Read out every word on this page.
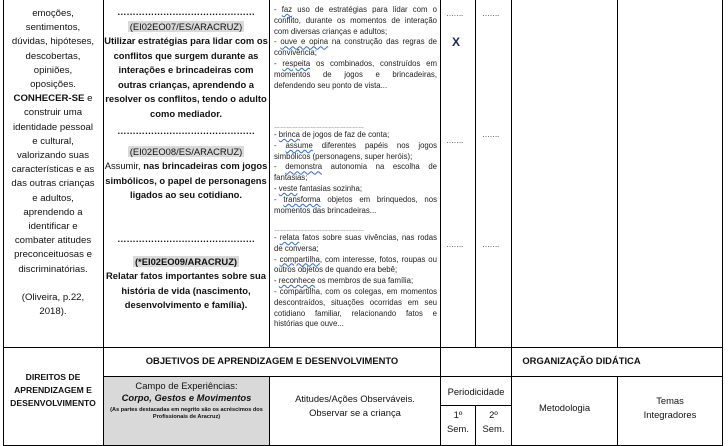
emoções,

sentimentos,

dúvidas, hipóteses,

descobertas,

opiniões,

oposições.

CONHECER-SE e

construir uma

identidade pessoal

e cultural,

valorizando suas

características e as

das outras crianças

e adultos,

aprendendo a

identificar e

combater atitudes

preconceituosas e

discriminatórias.

(Oliveira, p.22,

2018).

………………………………………
(EI02EO07/ES/ARACRUZ)
Utilizar estratégias para lidar com os conflitos que surgem durante as interações e brincadeiras com outras crianças, aprendendo a resolver os conflitos, tendo o adulto como mediador.
………………………………………
(EI02EO08/ES/ARACRUZ)
Assumir, nas brincadeiras com jogos simbólicos, o papel de personagens ligados ao seu cotidiano.
………………………………………
(*EI02EO09/ARACRUZ)
Relatar fatos importantes sobre sua história de vida (nascimento, desenvolvimento e família).
- faz uso de estratégias para lidar com o conflito, durante os momentos de interação com diversas crianças e adultos;
- ouve e opina na construção das regras de convivência;
- respeita os combinados, construídos em momentos de jogos e brincadeiras, defendendo seu ponto de vista...
………………………………………
- brinca de jogos de faz de conta;
- assume diferentes papéis nos jogos simbólicos (personagens, super heróis);
- demonstra autonomia na escolha de fantasias;
- veste fantasias sozinha;
- transforma objetos em brinquedos, nos momentos das brincadeiras...
………………………………………
- relata fatos sobre suas vivências, nas rodas de conversa;
- compartilha, com interesse, fotos, roupas ou outros objetos de quando era bebê;
- reconhece os membros de sua família;
- compartilha, com os colegas, em momentos descontraídos, situações ocorridas em seu cotidiano familiar, relacionando fatos e histórias que ouve...
……. …….
X
…….
…….
……. …….
DIREITOS DE APRENDIZAGEM E DESENVOLVIMENTO
OBJETIVOS DE APRENDIZAGEM E DESENVOLVIMENTO	ORGANIZAÇÃO DIDÁTICA
Campo de Experiências:
Corpo, Gestos e Movimentos
(As partes destacadas em negrito são os acréscimos dos Profissionais de Aracruz)
Atitudes/Ações Observáveis. Observar se a criança
Periodicidade
1º
Sem.
2º
Sem.
Metodologia
Temas Integradores
